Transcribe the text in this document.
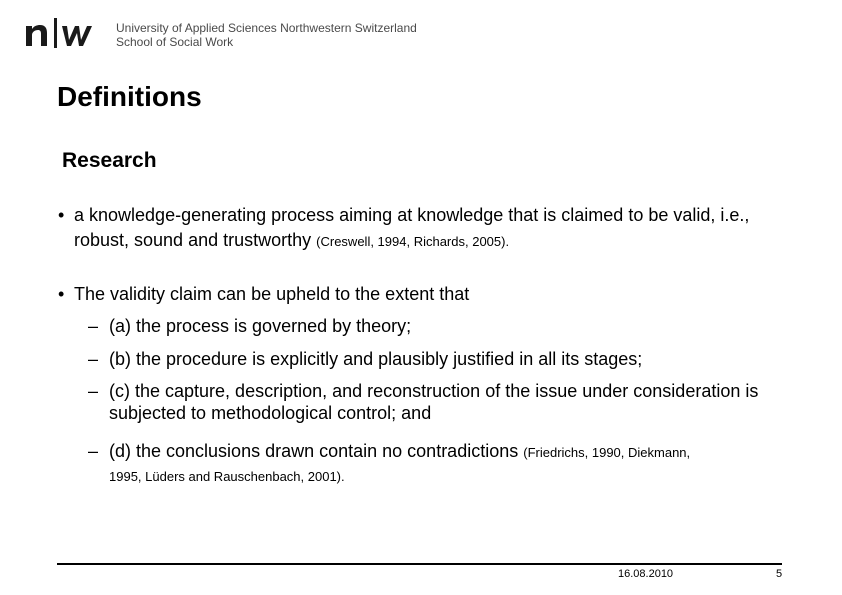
University of Applied Sciences Northwestern Switzerland
School of Social Work
Definitions
Research
• a knowledge-generating process aiming at knowledge that is claimed to be valid, i.e., robust, sound and trustworthy (Creswell, 1994, Richards, 2005).
• The validity claim can be upheld to the extent that
– (a) the process is governed by theory;
– (b) the procedure is explicitly and plausibly justified in all its stages;
– (c) the capture, description, and reconstruction of the issue under consideration is subjected to methodological control; and
– (d) the conclusions drawn contain no contradictions (Friedrichs, 1990, Diekmann,
1995, Lüders and Rauschenbach, 2001).
16.08.2010	5
